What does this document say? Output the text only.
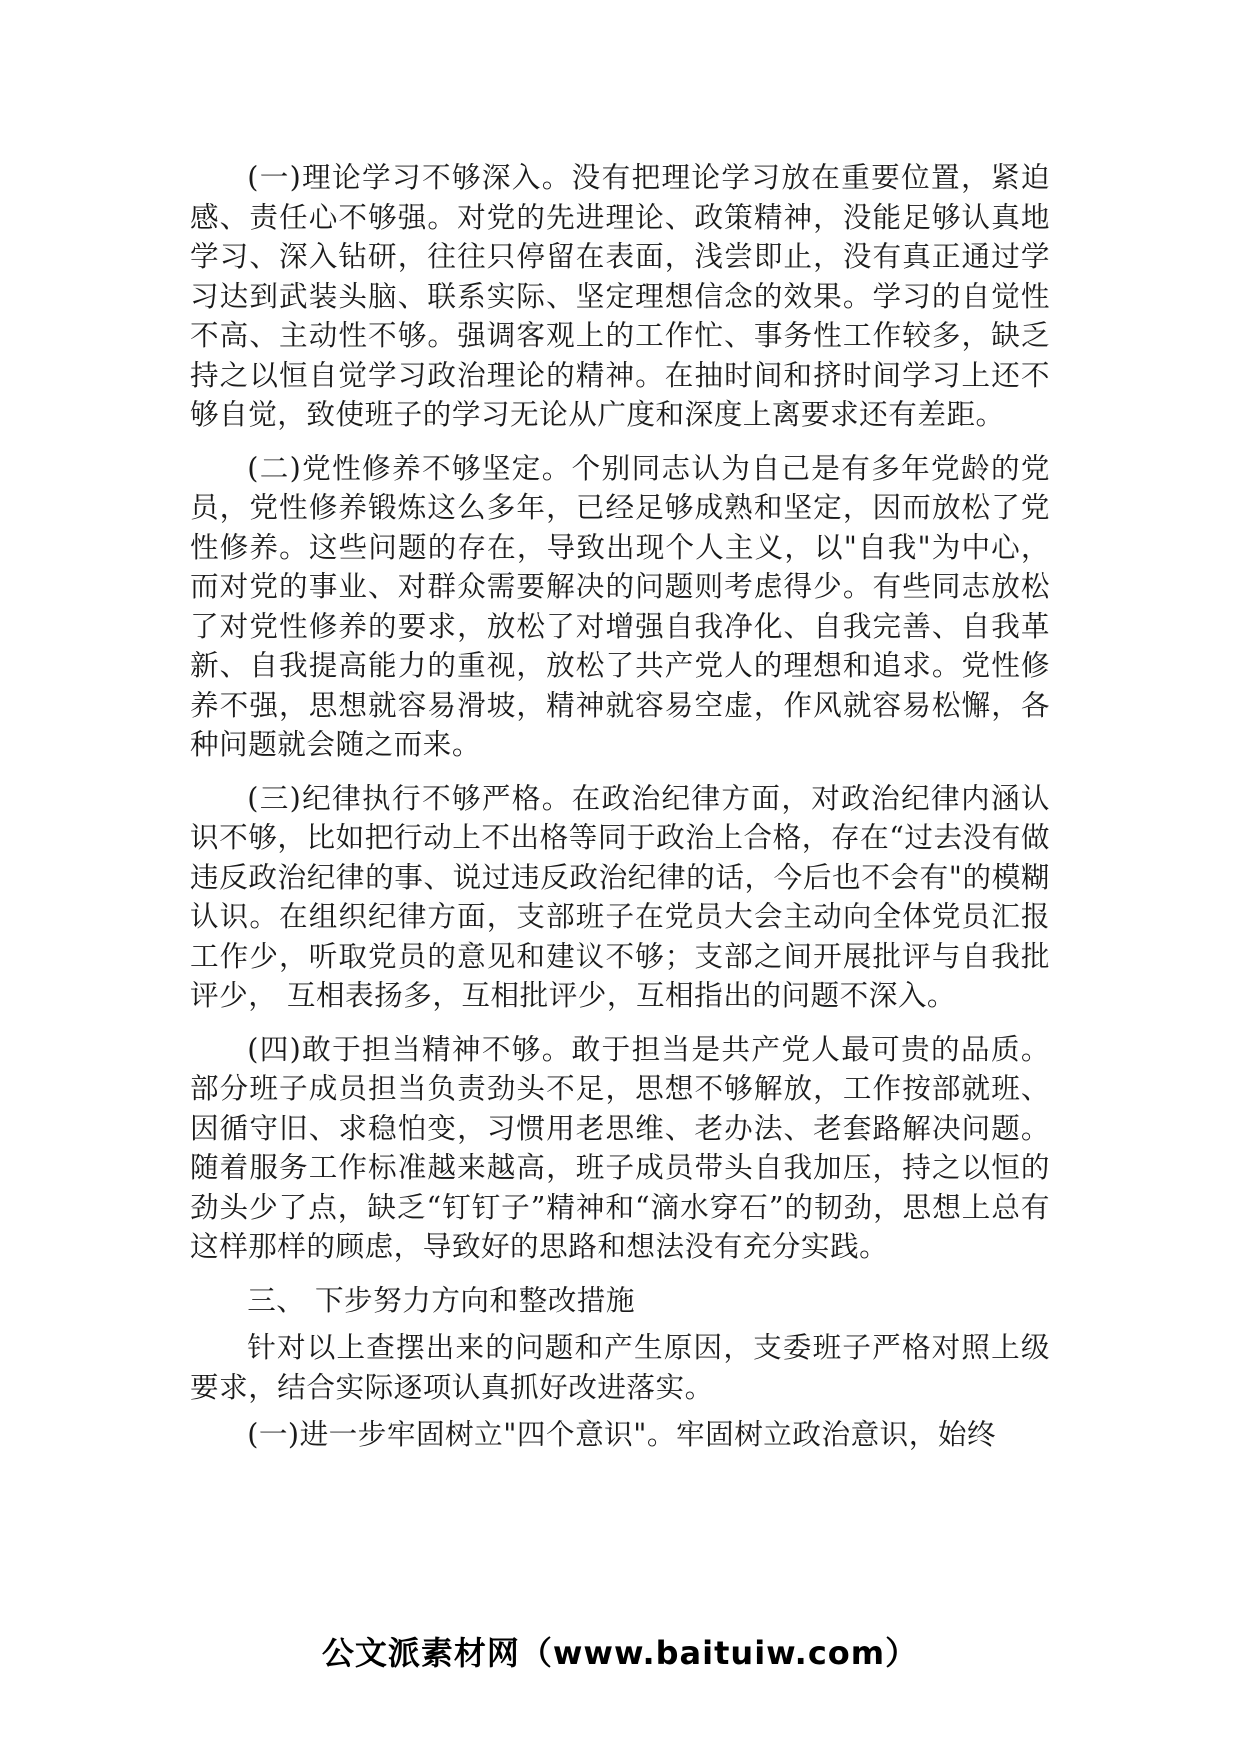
(一)理论学习不够深入。没有把理论学习放在重要位置，紧迫感、责任心不够强。对党的先进理论、政策精神，没能足够认真地学习、深入钻研，往往只停留在表面，浅尝即止，没有真正通过学习达到武装头脑、联系实际、坚定理想信念的效果。学习的自觉性不高、主动性不够。强调客观上的工作忙、事务性工作较多，缺乏持之以恒自觉学习政治理论的精神。在抽时间和挤时间学习上还不够自觉，致使班子的学习无论从广度和深度上离要求还有差距。

(二)党性修养不够坚定。个别同志认为自己是有多年党龄的党员，党性修养锻炼这么多年，已经足够成熟和坚定，因而放松了党性修养。这些问题的存在，导致出现个人主义，以"自我"为中心，而对党的事业、对群众需要解决的问题则考虑得少。有些同志放松了对党性修养的要求，放松了对增强自我净化、自我完善、自我革新、自我提高能力的重视，放松了共产党人的理想和追求。党性修养不强，思想就容易滑坡，精神就容易空虚，作风就容易松懈，各种问题就会随之而来。

(三)纪律执行不够严格。在政治纪律方面，对政治纪律内涵认识不够，比如把行动上不出格等同于政治上合格，存在“过去没有做违反政治纪律的事、说过违反政治纪律的话，今后也不会有"的模糊认识。在组织纪律方面，支部班子在党员大会主动向全体党员汇报工作少，听取党员的意见和建议不够；支部之间开展批评与自我批评少， 互相表扬多，互相批评少，互相指出的问题不深入。

(四)敢于担当精神不够。敢于担当是共产党人最可贵的品质。部分班子成员担当负责劲头不足，思想不够解放，工作按部就班、因循守旧、求稳怕变，习惯用老思维、老办法、老套路解决问题。随着服务工作标准越来越高，班子成员带头自我加压，持之以恒的劲头少了点，缺乏“钉钉子”精神和“滴水穿石”的韧劲，思想上总有这样那样的顾虑，导致好的思路和想法没有充分实践。

三、 下步努力方向和整改措施

针对以上查摆出来的问题和产生原因，支委班子严格对照上级要求，结合实际逐项认真抓好改进落实。

(一)进一步牢固树立"四个意识"。牢固树立政治意识，始终

公文派素材网（www.baituiw.com）
